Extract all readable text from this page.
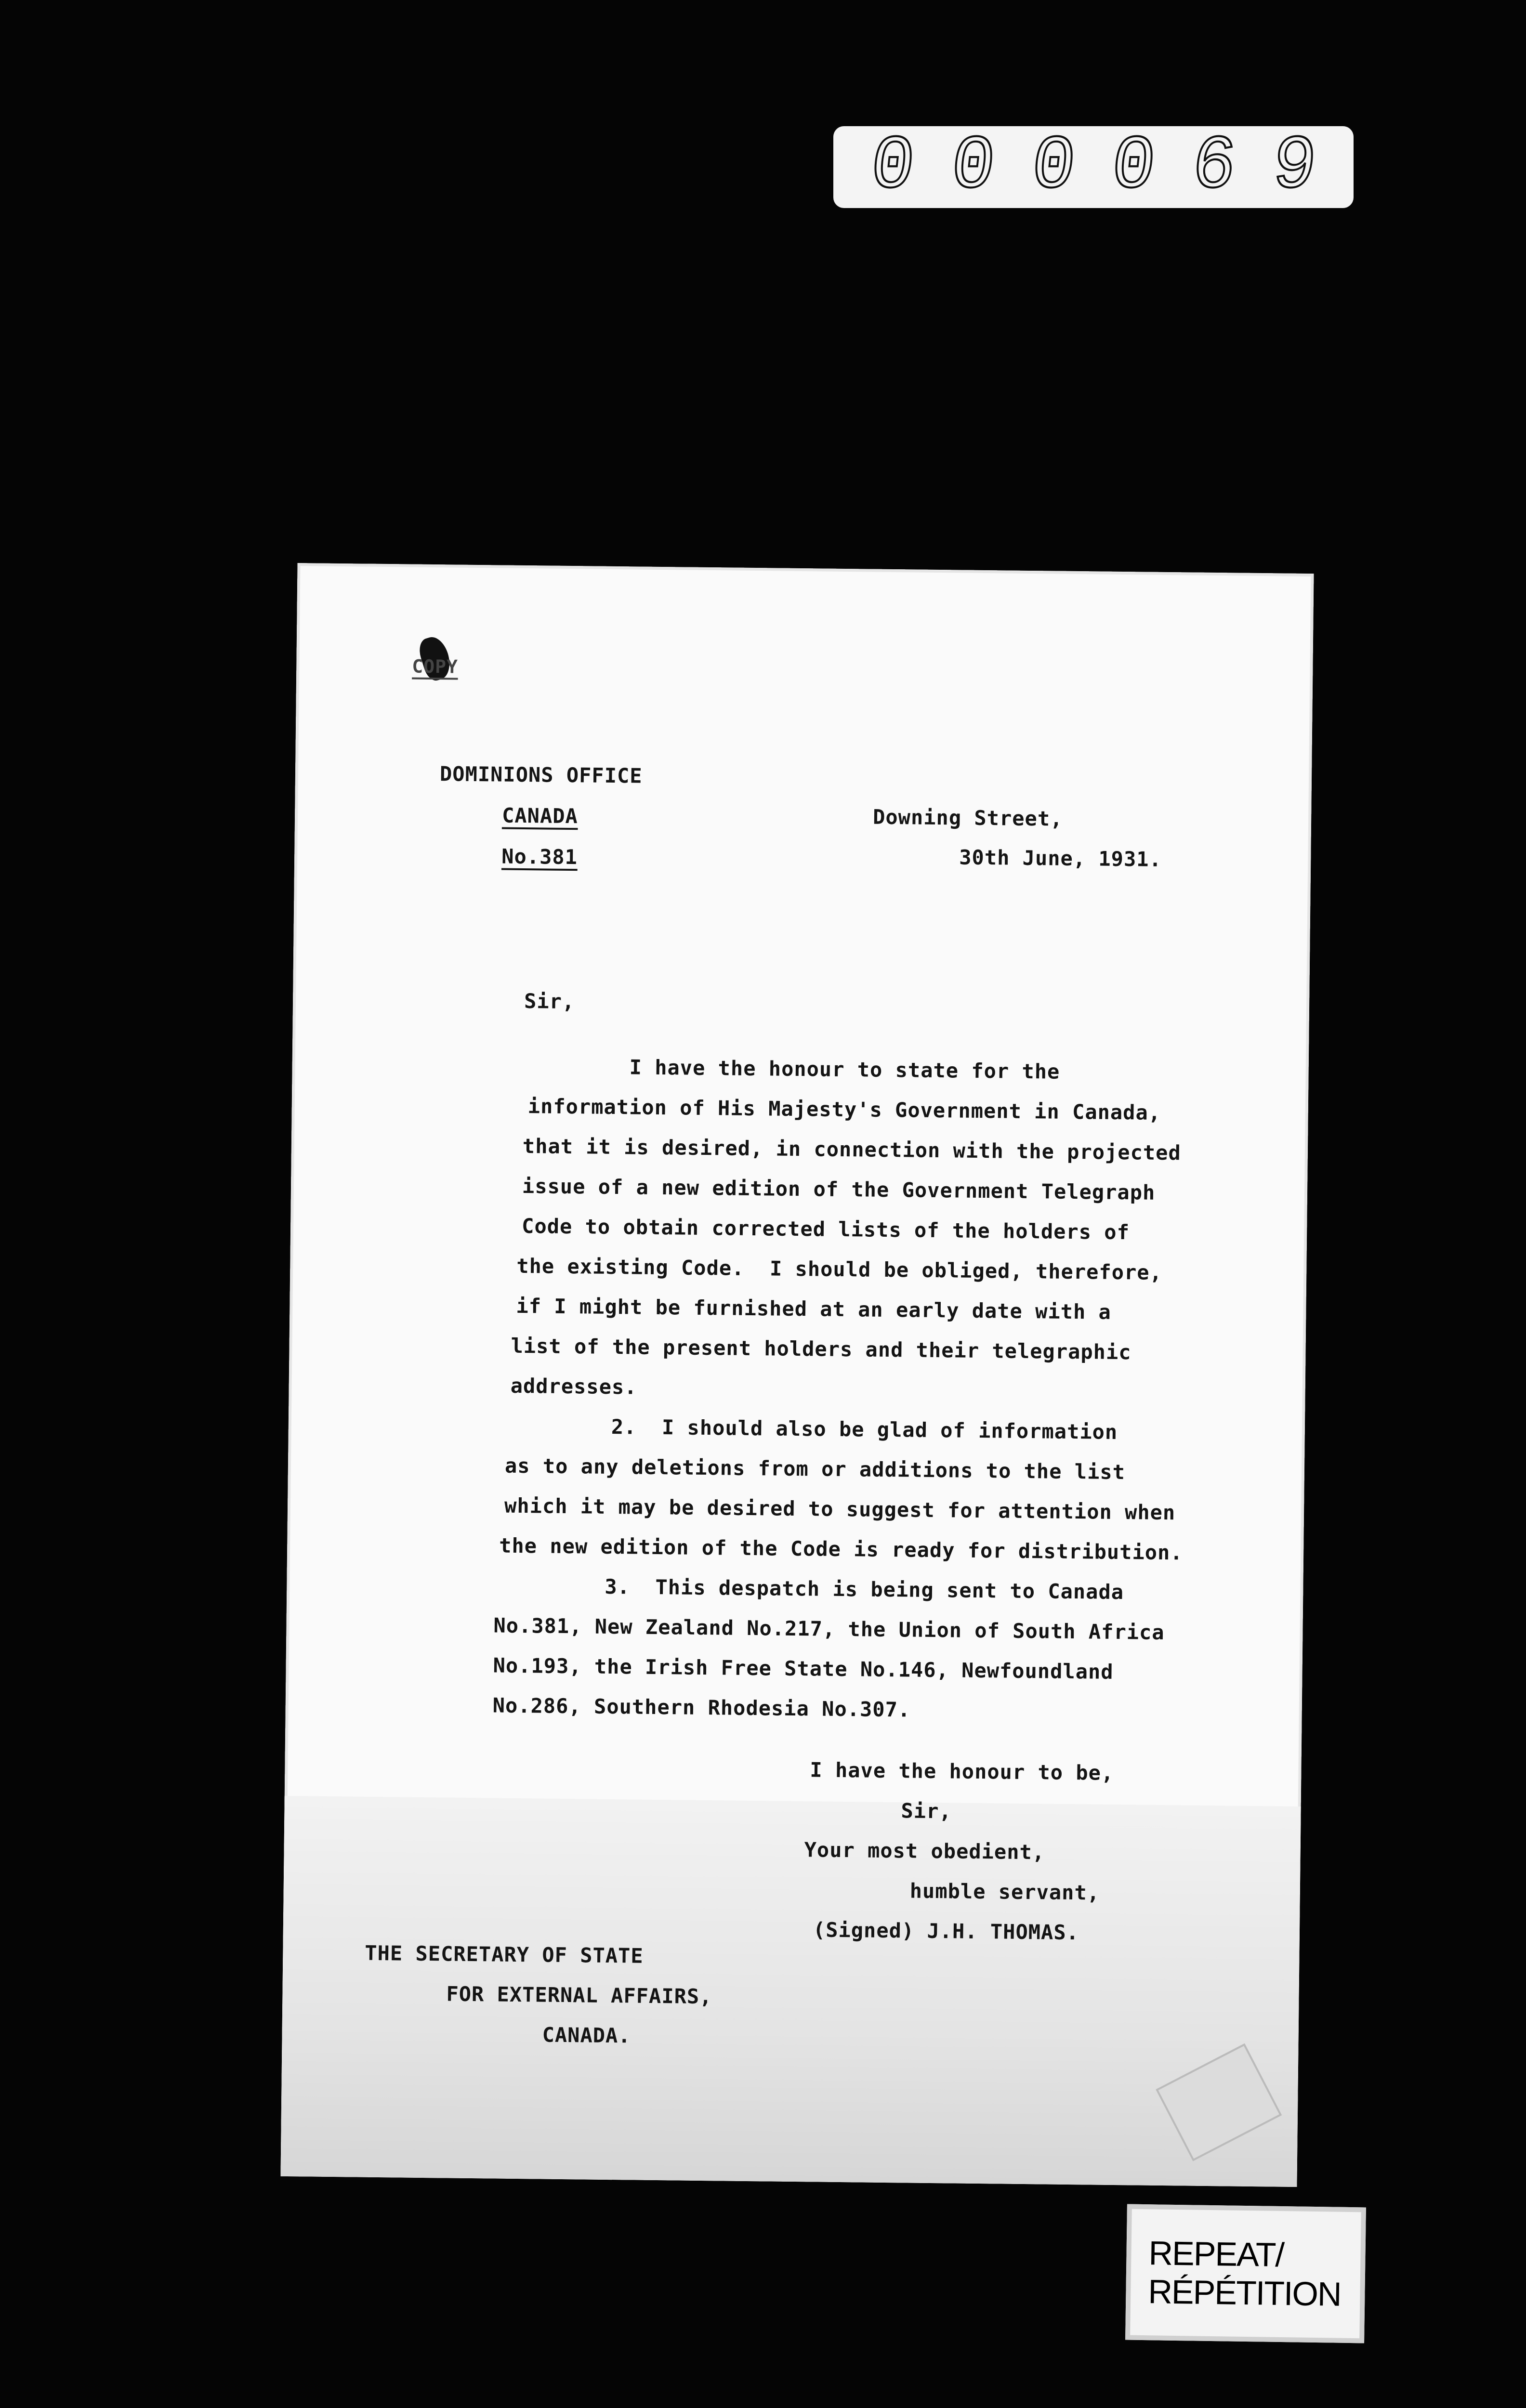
0 0 0 0 6 9
COPY
DOMINIONS OFFICE
CANADA
No.381
Downing Street,
30th June, 1931.
Sir,
I have the honour to state for the
information of His Majesty's Government in Canada,
that it is desired, in connection with the projected
issue of a new edition of the Government Telegraph
Code to obtain corrected lists of the holders of
the existing Code.  I should be obliged, therefore,
if I might be furnished at an early date with a
list of the present holders and their telegraphic
addresses.
2.  I should also be glad of information
as to any deletions from or additions to the list
which it may be desired to suggest for attention when
the new edition of the Code is ready for distribution.
3.  This despatch is being sent to Canada
No.381, New Zealand No.217, the Union of South Africa
No.193, the Irish Free State No.146, Newfoundland
No.286, Southern Rhodesia No.307.
I have the honour to be,
Sir,
Your most obedient,
humble servant,
(Signed) J.H. THOMAS.
THE SECRETARY OF STATE
FOR EXTERNAL AFFAIRS,
CANADA.
REPEAT/
RÉPÉTITION
